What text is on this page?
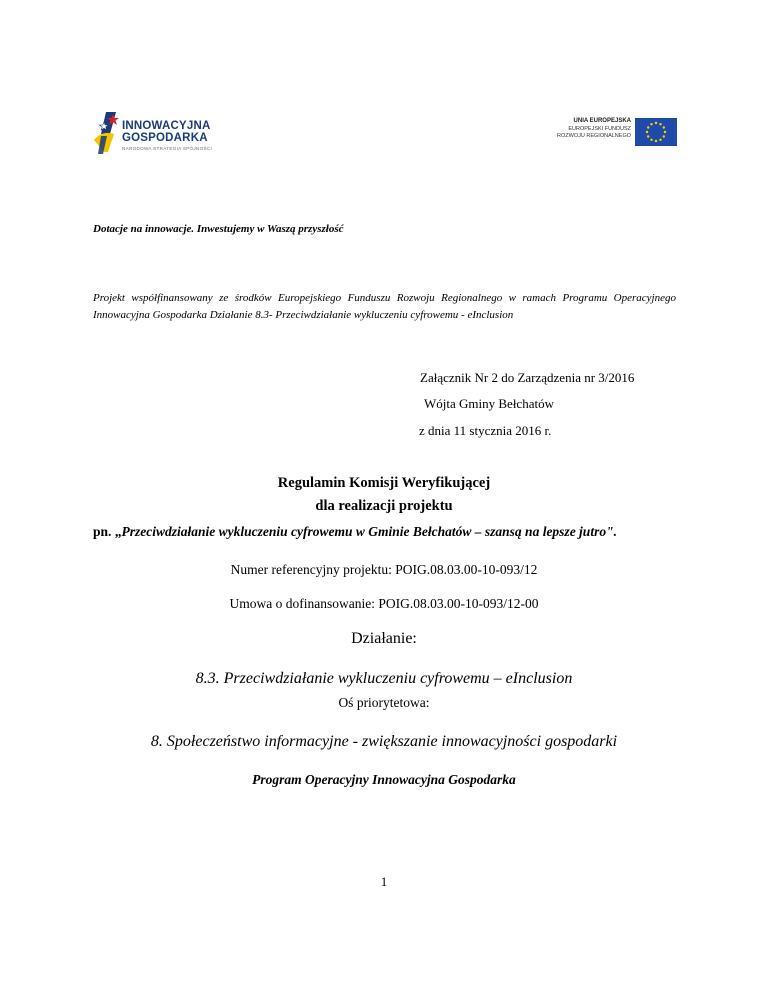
INNOWACYJNA
GOSPODARKA
NARODOWA STRATEGIA SPÓJNOŚCI
UNIA EUROPEJSKA
EUROPEJSKI FUNDUSZ
ROZWOJU REGIONALNEGO
Dotacje na innowacje. Inwestujemy w Waszą przyszłość
Projekt współfinansowany ze środków Europejskiego Funduszu Rozwoju Regionalnego w ramach Programu Operacyjnego Innowacyjna Gospodarka Działanie 8.3- Przeciwdziałanie wykluczeniu cyfrowemu - eInclusion
Załącznik Nr 2 do Zarządzenia nr 3/2016
Wójta Gminy Bełchatów
z dnia 11 stycznia 2016 r.
Regulamin Komisji Weryfikującej
dla realizacji projektu
pn. „Przeciwdziałanie wykluczeniu cyfrowemu w Gminie Bełchatów – szansą na lepsze jutro".
Numer referencyjny projektu: POIG.08.03.00-10-093/12
Umowa o dofinansowanie: POIG.08.03.00-10-093/12-00
Działanie:
8.3. Przeciwdziałanie wykluczeniu cyfrowemu – eInclusion
Oś priorytetowa:
8. Społeczeństwo informacyjne - zwiększanie innowacyjności gospodarki
Program Operacyjny Innowacyjna Gospodarka
1
